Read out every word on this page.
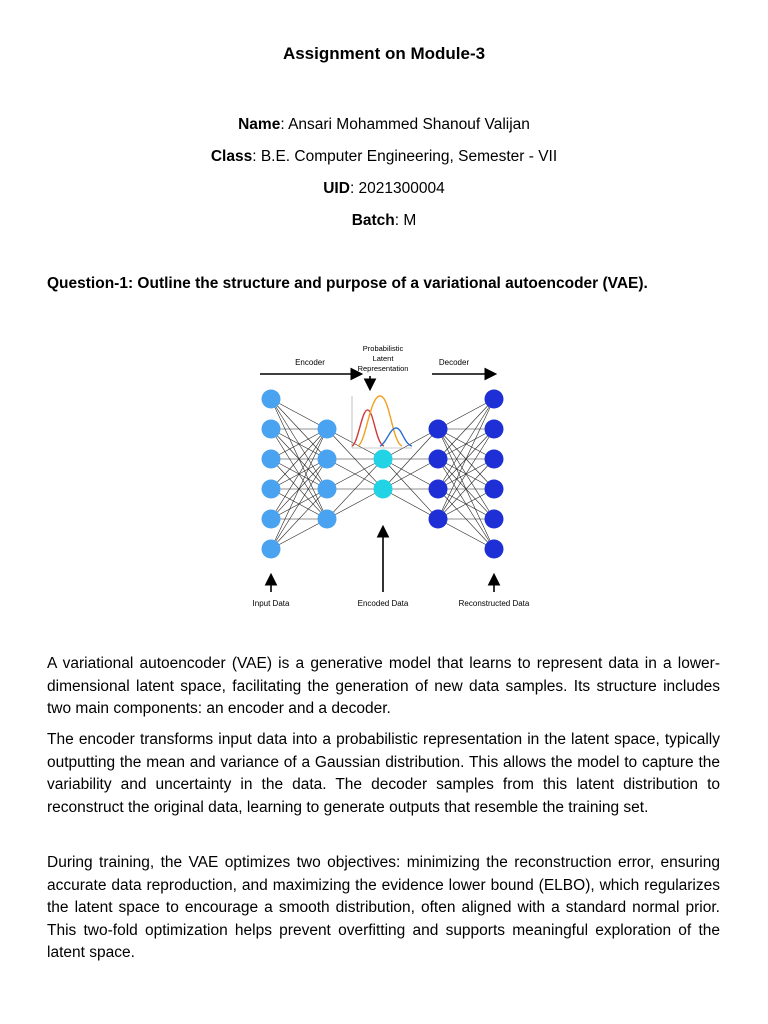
Assignment on Module-3
Name: Ansari Mohammed Shanouf Valijan
Class: B.E. Computer Engineering, Semester - VII
UID: 2021300004
Batch: M
Question-1: Outline the structure and purpose of a variational autoencoder (VAE).
Encoder	Decoder
Probabilistic
Latent
Representation
Input Data	Encoded Data	Reconstructed Data
A variational autoencoder (VAE) is a generative model that learns to represent data in a lower-dimensional latent space, facilitating the generation of new data samples. Its structure includes two main components: an encoder and a decoder.
The encoder transforms input data into a probabilistic representation in the latent space, typically outputting the mean and variance of a Gaussian distribution. This allows the model to capture the variability and uncertainty in the data. The decoder samples from this latent distribution to reconstruct the original data, learning to generate outputs that resemble the training set.
During training, the VAE optimizes two objectives: minimizing the reconstruction error, ensuring accurate data reproduction, and maximizing the evidence lower bound (ELBO), which regularizes the latent space to encourage a smooth distribution, often aligned with a standard normal prior. This two-fold optimization helps prevent overfitting and supports meaningful exploration of the latent space.
